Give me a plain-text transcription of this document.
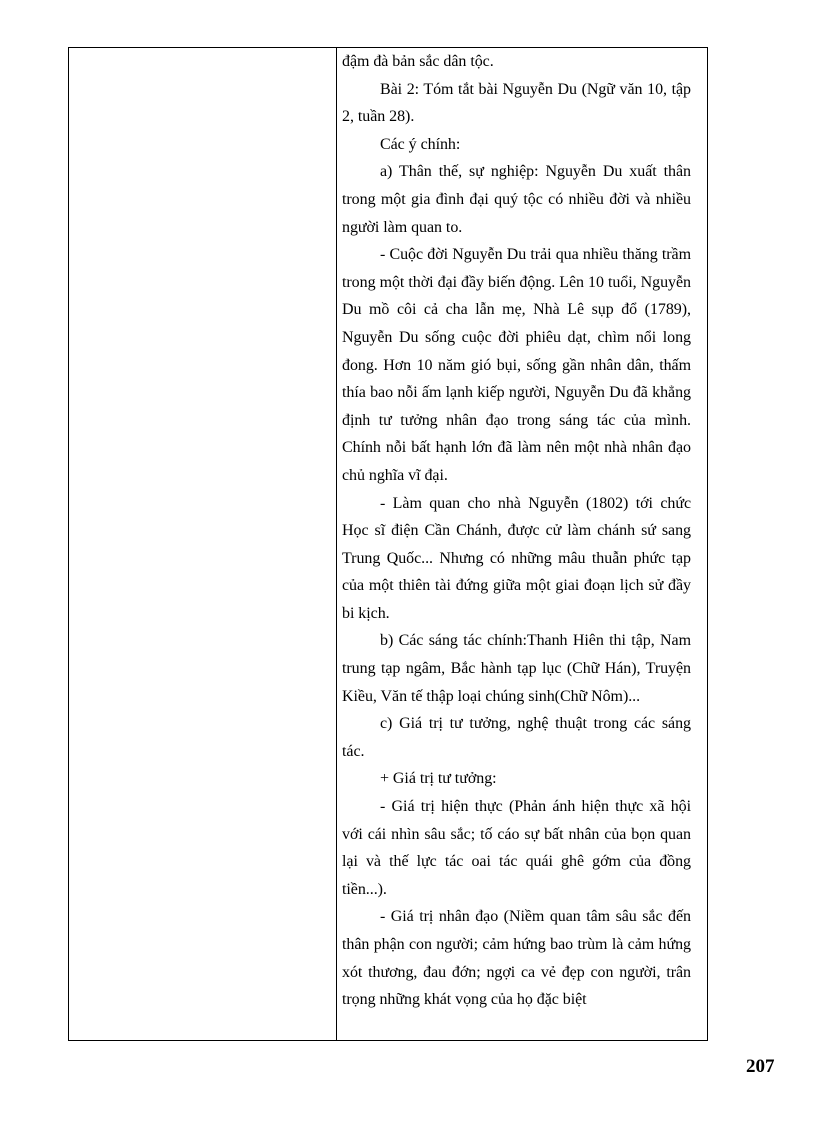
đậm đà bản sắc dân tộc.

Bài 2: Tóm tắt bài Nguyễn Du (Ngữ văn 10, tập 2, tuần 28).

Các ý chính:

a) Thân thế, sự nghiệp: Nguyễn Du xuất thân trong một gia đình đại quý tộc có nhiều đời và nhiều người làm quan to.

- Cuộc đời Nguyễn Du trải qua nhiều thăng trầm trong một thời đại đầy biến động. Lên 10 tuổi, Nguyễn Du mồ côi cả cha lẫn mẹ, Nhà Lê sụp đổ (1789), Nguyễn Du sống cuộc đời phiêu dạt, chìm nổi long đong. Hơn 10 năm gió bụi, sống gần nhân dân, thấm thía bao nỗi ấm lạnh kiếp người, Nguyễn Du đã khẳng định tư tưởng nhân đạo trong sáng tác của mình. Chính nỗi bất hạnh lớn đã làm nên một nhà nhân đạo chủ nghĩa vĩ đại.

- Làm quan cho nhà Nguyễn (1802) tới chức Học sĩ điện Cần Chánh, được cử làm chánh sứ sang Trung Quốc... Nhưng có những mâu thuẫn phức tạp của một thiên tài đứng giữa một giai đoạn lịch sử đầy bi kịch.

b) Các sáng tác chính:Thanh Hiên thi tập, Nam trung tạp ngâm, Bắc hành tạp lục (Chữ Hán), Truyện Kiều, Văn tế thập loại chúng sinh(Chữ Nôm)...

c) Giá trị tư tưởng, nghệ thuật trong các sáng tác.

+ Giá trị tư tưởng:

- Giá trị hiện thực (Phản ánh hiện thực xã hội với cái nhìn sâu sắc; tố cáo sự bất nhân của bọn quan lại và thế lực tác oai tác quái ghê gớm của đồng tiền...).

- Giá trị nhân đạo (Niềm quan tâm sâu sắc đến thân phận con người; cảm hứng bao trùm là cảm hứng xót thương, đau đớn; ngợi ca vẻ đẹp con người, trân trọng những khát vọng của họ đặc biệt

207
